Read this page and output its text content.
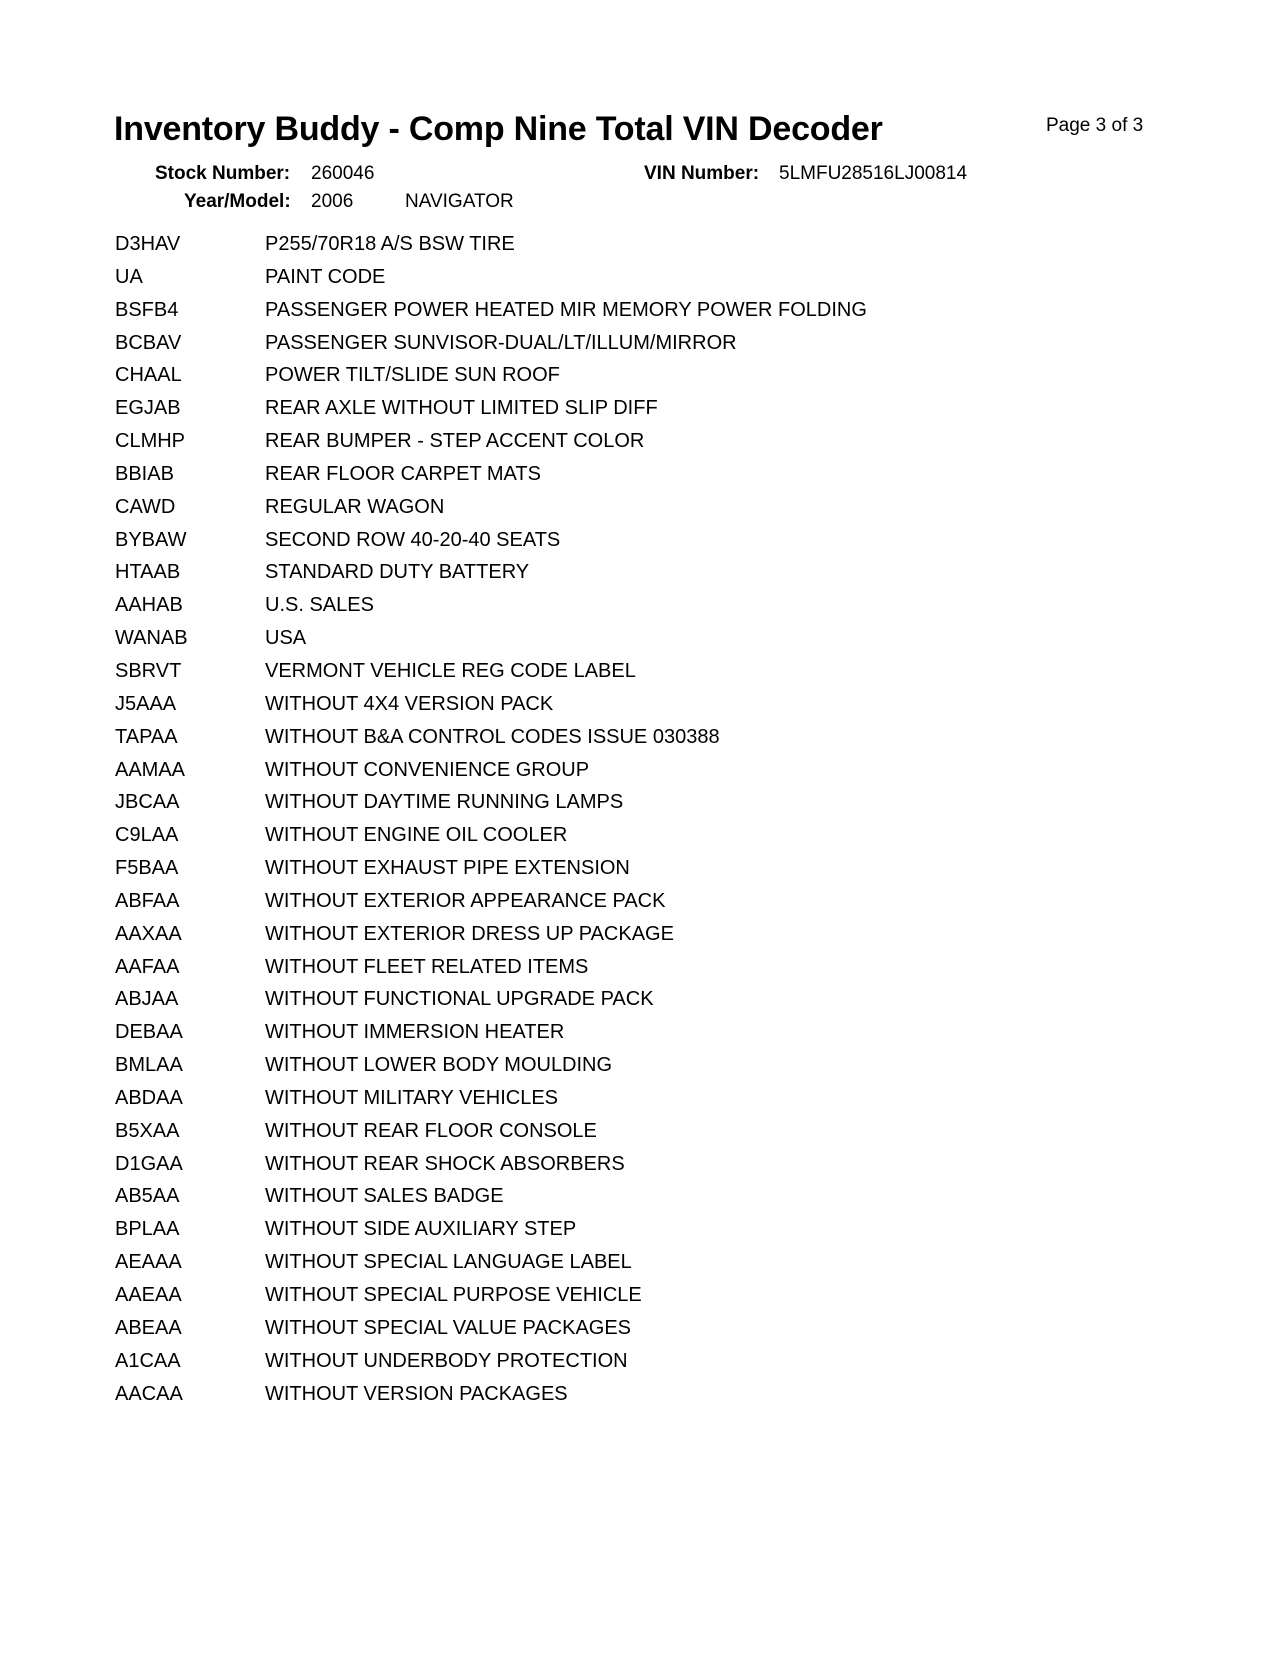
Inventory Buddy - Comp Nine Total VIN Decoder	Page 3 of 3
Stock Number: 260046	VIN Number: 5LMFU28516LJ00814
Year/Model: 2006	NAVIGATOR
D3HAV	P255/70R18 A/S BSW TIRE
UA	PAINT CODE
BSFB4	PASSENGER POWER HEATED MIR MEMORY POWER FOLDING
BCBAV	PASSENGER SUNVISOR-DUAL/LT/ILLUM/MIRROR
CHAAL	POWER TILT/SLIDE SUN ROOF
EGJAB	REAR AXLE WITHOUT LIMITED SLIP DIFF
CLMHP	REAR BUMPER - STEP ACCENT COLOR
BBIAB	REAR FLOOR CARPET MATS
CAWD	REGULAR WAGON
BYBAW	SECOND ROW 40-20-40 SEATS
HTAAB	STANDARD DUTY BATTERY
AAHAB	U.S. SALES
WANAB	USA
SBRVT	VERMONT VEHICLE REG CODE LABEL
J5AAA	WITHOUT 4X4 VERSION PACK
TAPAA	WITHOUT B&A CONTROL CODES ISSUE 030388
AAMAA	WITHOUT CONVENIENCE GROUP
JBCAA	WITHOUT DAYTIME RUNNING LAMPS
C9LAA	WITHOUT ENGINE OIL COOLER
F5BAA	WITHOUT EXHAUST PIPE EXTENSION
ABFAA	WITHOUT EXTERIOR APPEARANCE PACK
AAXAA	WITHOUT EXTERIOR DRESS UP PACKAGE
AAFAA	WITHOUT FLEET RELATED ITEMS
ABJAA	WITHOUT FUNCTIONAL UPGRADE PACK
DEBAA	WITHOUT IMMERSION HEATER
BMLAA	WITHOUT LOWER BODY MOULDING
ABDAA	WITHOUT MILITARY VEHICLES
B5XAA	WITHOUT REAR FLOOR CONSOLE
D1GAA	WITHOUT REAR SHOCK ABSORBERS
AB5AA	WITHOUT SALES BADGE
BPLAA	WITHOUT SIDE AUXILIARY STEP
AEAAA	WITHOUT SPECIAL LANGUAGE LABEL
AAEAA	WITHOUT SPECIAL PURPOSE VEHICLE
ABEAA	WITHOUT SPECIAL VALUE PACKAGES
A1CAA	WITHOUT UNDERBODY PROTECTION
AACAA	WITHOUT VERSION PACKAGES
